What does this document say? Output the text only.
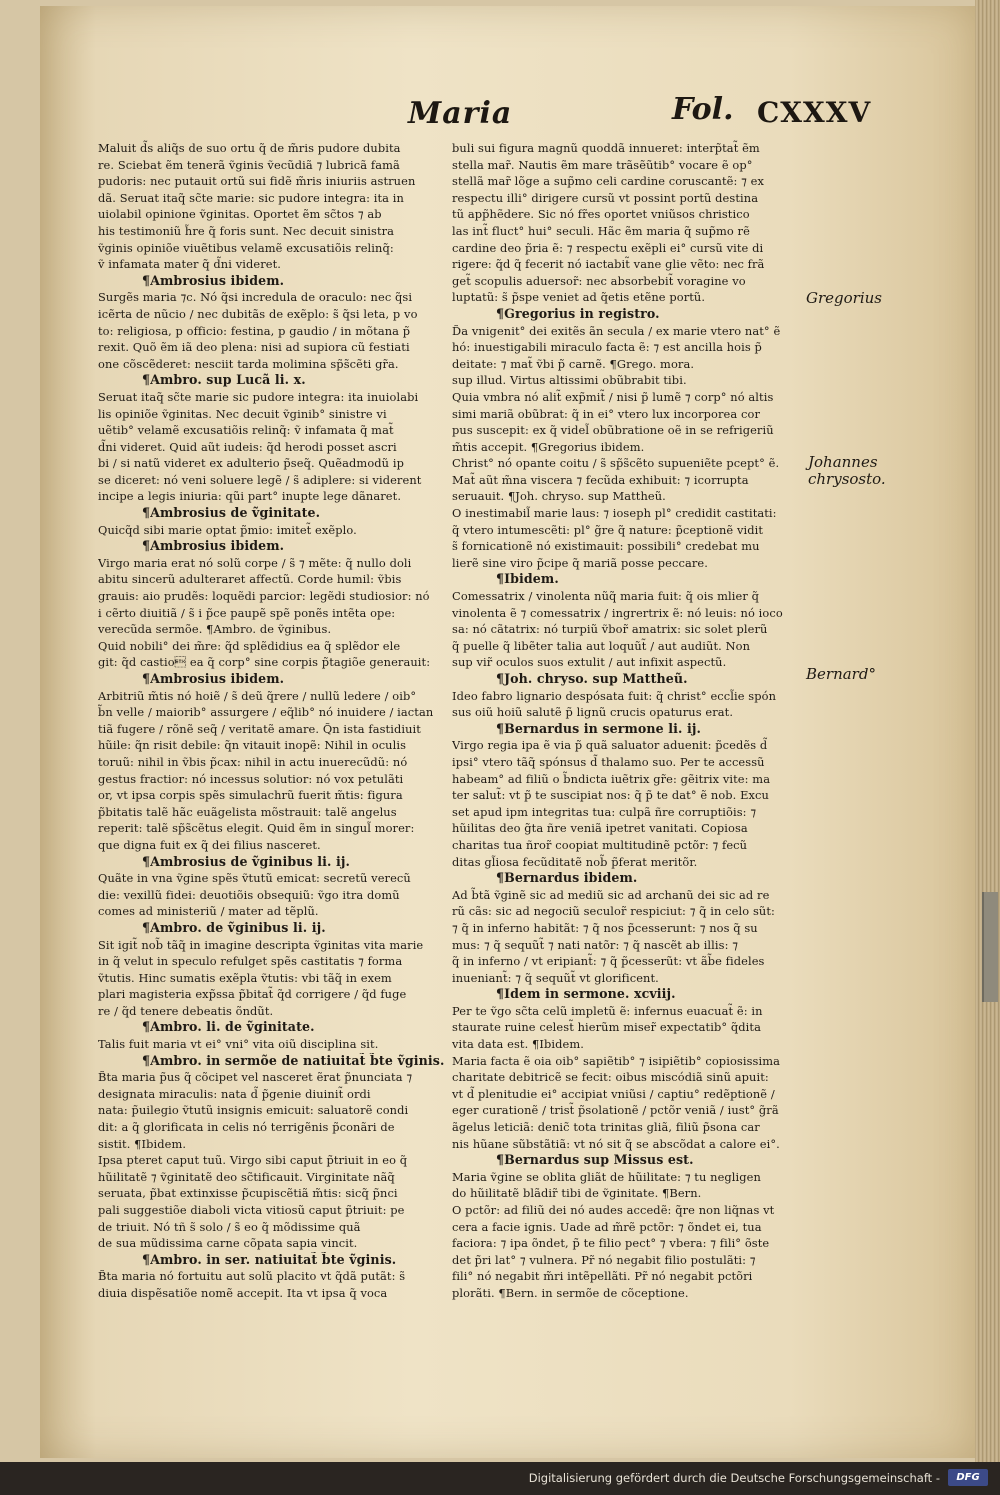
Maria	Fol. CXXXV
Maluit d̃s aliq̃s de suo ortu q̃ de m̃ris pudore dubita
re. Sciebat ẽm tenerã ṽginis ṽecũdiã ⁊ lubricã famã
pudoris: nec putauit ortũ sui fidẽ m̃ris iniuriis astruen
dã. Seruat itaq̃ sc̃te marie: sic pudore integra: ita in
uiolabil opinione ṽginitas. Oportet ẽm sc̃tos ⁊ ab
his testimoniũ h̃re q̃ foris sunt. Nec decuit sinistra
ṽginis opiniõe viuẽtibus velamẽ excusatiõis relinq̃:
ṽ infamata mater q̃ d̃ni videret.
¶Ambrosius ibidem.
Surgẽs maria ⁊c. Nó q̃si incredula de oraculo: nec q̃si
icẽrta de nũcio / nec dubitãs de exẽplo: s̃ q̃si leta, p vo
to: religiosa, p officio: festina, p gaudio / in mõtana p̃
rexit. Quõ ẽm iã deo plena: nisi ad supiora cũ festiati
one cõscẽderet: nesciit tarda molimina sp̃s̃cẽti gr̃a.
¶Ambro. sup Lucã li. x.
Seruat itaq̃ sc̃te marie sic pudore integra: ita inuiolabi
lis opiniõe ṽginitas. Nec decuit ṽginib° sinistre vi
uẽtib° velamẽ excusatiõis relinq̃: ṽ infamata q̃ mat̃
d̃ni videret. Quid aũt iudeis: q̃d herodi posset ascri
bi / si natũ videret ex adulterio p̃seq̃. Quẽadmodũ ip
se diceret: nó veni soluere legẽ / s̃ adiplere: si viderent
incipe a legis iniuria: qũi part° inupte lege dãnaret.
¶Ambrosius de ṽginitate.
Quicq̃d sibi marie optat p̃mio: imitet̃ exẽplo.
¶Ambrosius ibidem.
Virgo maria erat nó solũ corpe / s̃ ⁊ mẽte: q̃ nullo doli
abitu sincerũ adulteraret affectũ. Corde humil: ṽbis
grauis: aio prudẽs: loquẽdi parcior: legẽdi studiosior: nó
i cẽrto diuitiã / s̃ i p̃ce paupẽ spẽ ponẽs intẽta ope:
verecũda sermõe. ¶Ambro. de ṽginibus.
Quid nobili° dei m̃re: q̃d splẽdidius ea q̃ splẽdor ele
git: q̃d castio ea q̃ corp° sine corpis p̃tagiõe generauit:
¶Ambrosius ibidem.
Arbitriũ m̃tis nó hoiẽ / s̃ deũ q̃rere / nullũ ledere / oib°
b̃n velle / maiorib° assurgere / eq̃lib° nó inuidere / iactan
tiã fugere / rõnẽ seq̃ / veritatẽ amare. Q̃n ista fastidiuit
hũile: q̃n risit debile: q̃n vitauit inopẽ: Nihil in oculis
toruũ: nihil in ṽbis p̃cax: nihil in actu inuerecũdũ: nó
gestus fractior: nó incessus solutior: nó vox petulãti
or, vt ipsa corpis spẽs simulachrũ fuerit m̃tis: figura
p̃bitatis talẽ hãc euãgelista mõstrauit: talẽ angelus
reperit: talẽ sp̃s̃cẽtus elegit. Quid ẽm in singul̃ morer:
que digna fuit ex q̃ dei filius nasceret.
¶Ambrosius de ṽginibus li. ij.
Quãte in vna ṽgine spẽs ṽtutũ emicat: secretũ verecũ
die: vexillũ fidei: deuotiõis obsequiũ: ṽgo itra domũ
comes ad ministeriũ / mater ad tẽplũ.
¶Ambro. de ṽginibus li. ij.
Sit igit̃ nob̃ tãq̃ in imagine descripta ṽginitas vita marie
in q̃ velut in speculo refulget spẽs castitatis ⁊ forma
ṽtutis. Hinc sumatis exẽpla ṽtutis: vbi tãq̃ in exem
plari magisteria exp̃ssa p̃bitat̃ q̃d corrigere / q̃d fuge
re / q̃d tenere debeatis õndũt.
¶Ambro. li. de ṽginitate.
Talis fuit maria vt ei° vni° vita oiũ disciplina sit.
¶Ambro. in sermõe de natiuitat̃ b̃te ṽginis.
B̃ta maria p̃us q̃ cõcipet vel nasceret ẽrat p̃nunciata ⁊
designata miraculis: nata d̃ p̃genie diuinit̃ ordi
nata: p̃uilegio ṽtutũ insignis emicuit: saluatorẽ condi
dit: a q̃ glorificata in celis nó terrigẽnis p̃conãri de
sistit. ¶Ibidem.
Ipsa pteret caput tuũ. Virgo sibi caput p̃triuit in eo q̃
hũilitatẽ ⁊ ṽginitatẽ deo sc̃tificauit. Virginitate nãq̃
seruata, p̃bat extinxisse p̃cupiscẽtiã m̃tis: sicq̃ p̃nci
pali suggestiõe diaboli victa vitiosũ caput p̃triuit: pe
de triuit. Nó tñ s̃ solo / s̃ eo q̃ mõdissime quã
de sua mũdissima carne cõpata sapia vincit.
¶Ambro. in ser. natiuitat̃ b̃te ṽginis.
B̃ta maria nó fortuitu aut solũ placito vt q̃dã putãt: s̃
diuia dispẽsatiõe nomẽ accepit. Ita vt ipsa q̃ voca
buli sui figura magnũ quoddã innueret: interp̃tat̃ ẽm
stella mar̃. Nautis ẽm mare trãsẽũtib° vocare ẽ op°
stellã mar̃ lõge a sup̃mo celi cardine coruscantẽ: ⁊ ex
respectu illi° dirigere cursũ vt possint portũ destina
tũ app̃hẽdere. Sic nó fr̃es oportet vniũsos christico
las int̃ fluct° hui° seculi. Hãc ẽm maria q̃ sup̃mo rẽ
cardine deo p̃ria ẽ: ⁊ respectu exẽpli ei° cursũ vite di
rigere: q̃d q̃ fecerit nó iactabit̃ vane glie vẽto: nec frã
get̃ scopulis aduersor̃: nec absorbebit̃ voragine vo
luptatũ: s̃ p̃spe veniet ad q̃etis etẽne portũ.
¶Gregorius in registro.
D̃a vnigenit° dei exitẽs ãn secula / ex marie vtero nat° ẽ
hó: inuestigabili miraculo facta ẽ: ⁊ est ancilla hois p̃
deitate: ⁊ mat̃ ṽbi p̃ carnẽ. ¶Grego. mora.
sup illud. Virtus altissimi obũbrabit tibi.
Quia vmbra nó alit̃ exp̃mit̃ / nisi p̃ lumẽ ⁊ corp° nó altis
simi mariã obũbrat: q̃ in ei° vtero lux incorporea cor
pus suscepit: ex q̃ videl̃ obũbratione oẽ in se refrigeriũ
m̃tis accepit. ¶Gregorius ibidem.
Christ° nó opante coitu / s̃ sp̃s̃cẽto supueniẽte pcept° ẽ.
Mat̃ aũt m̃na viscera ⁊ fecũda exhibuit: ⁊ icorrupta
seruauit. ¶Joh. chryso. sup Mattheũ.
O inestimabil̃ marie laus: ⁊ ioseph pl° credidit castitati:
q̃ vtero intumescẽti: pl° g̃re q̃ nature: p̃ceptionẽ vidit
s̃ fornicationẽ nó existimauit: possibili° credebat mu
lierẽ sine viro p̃cipe q̃ mariã posse peccare.
¶Ibidem.
Comessatrix / vinolenta nũq̃ maria fuit: q̃ ois mlier q̃
vinolenta ẽ ⁊ comessatrix / ingrertrix ẽ: nó leuis: nó ioco
sa: nó cãtatrix: nó turpiũ ṽbor̃ amatrix: sic solet plerũ
q̃ puelle q̃ libẽter talia aut loquũt̃ / aut audiũt. Non
sup vir̃ oculos suos extulit / aut infixit aspectũ.
¶Joh. chryso. sup Mattheũ.
Ideo fabro lignario despósata fuit: q̃ christ° eccl̃ie spón
sus oiũ hoiũ salutẽ p̃ lignũ crucis opaturus erat.
¶Bernardus in sermone li. ij.
Virgo regia ipa ẽ via p̃ quã saluator aduenit: p̃cedẽs d̃
ipsi° vtero tãq̃ spónsus d̃ thalamo suo. Per te accessũ
habeam° ad filiũ o b̃ndicta iuẽtrix gr̃e: gẽitrix vite: ma
ter salut̃: vt p̃ te suscipiat nos: q̃ p̃ te dat° ẽ nob. Excu
set apud ipm integritas tua: culpã ñre corruptiõis: ⁊
hũilitas deo g̃ta ñre veniã ipetret vanitati. Copiosa
charitas tua ñror̃ coopiat multitudinẽ pctõr: ⁊ fecũ
ditas gl̃iosa fecũditatẽ nob̃ p̃ferat meritõr.
¶Bernardus ibidem.
Ad b̃tã ṽginẽ sic ad mediũ sic ad archanũ dei sic ad re
rũ cãs: sic ad negociũ seculor̃ respiciut: ⁊ q̃ in celo sũt:
⁊ q̃ in inferno habitãt: ⁊ q̃ nos p̃cesserunt: ⁊ nos q̃ su
mus: ⁊ q̃ sequũt̃ ⁊ nati natõr: ⁊ q̃ nascẽt ab illis: ⁊
q̃ in inferno / vt eripiant̃: ⁊ q̃ p̃cesserũt: vt ãb̃e fideles
inueniant̃: ⁊ q̃ sequũt̃ vt glorificent.
¶Idem in sermone. xcviij.
Per te ṽgo sc̃ta celũ impletũ ẽ: infernus euacuat̃ ẽ: in
staurate ruine celest̃ hierũm miser̃ expectatib° q̃dita
vita data est. ¶Ibidem.
Maria facta ẽ oia oib° sapiẽtib° ⁊ isipiẽtib° copiosissima
charitate debitricẽ se fecit: oibus miscódiã sinũ apuit:
vt d̃ plenitudie ei° accipiat vniũsi / captiu° redẽptionẽ /
eger curationẽ / trist̃ p̃solationẽ / pctõr veniã / iust° g̃rã
ãgelus leticiã: denic̃ tota trinitas gliã, filiũ p̃sona car
nis hũane sũbstãtiã: vt nó sit q̃ se abscõdat a calore ei°.
¶Bernardus sup Missus est.
Maria ṽgine se oblita gliãt de hũilitate: ⁊ tu negligen
do hũilitatẽ blãdir̃ tibi de ṽginitate. ¶Bern.
O pctõr: ad filiũ dei nó audes accedẽ: q̃re non liq̃nas vt
cera a facie ignis. Uade ad m̃rẽ pctõr: ⁊ õndet ei, tua
faciora: ⁊ ipa õndet, p̃ te filio pect° ⁊ vbera: ⁊ fili° õste
det p̃ri lat° ⁊ vulnera. Pr̃ nó negabit filio postulãti: ⁊
fili° nó negabit m̃ri intẽpellãti. Pr̃ nó negabit pctõri
plorãti. ¶Bern. in sermõe de cõceptione.
Gregorius
Johannes chrysosto.
Bernard°
Digitalisierung gefördert durch die Deutsche Forschungsgemeinschaft -	DFG
